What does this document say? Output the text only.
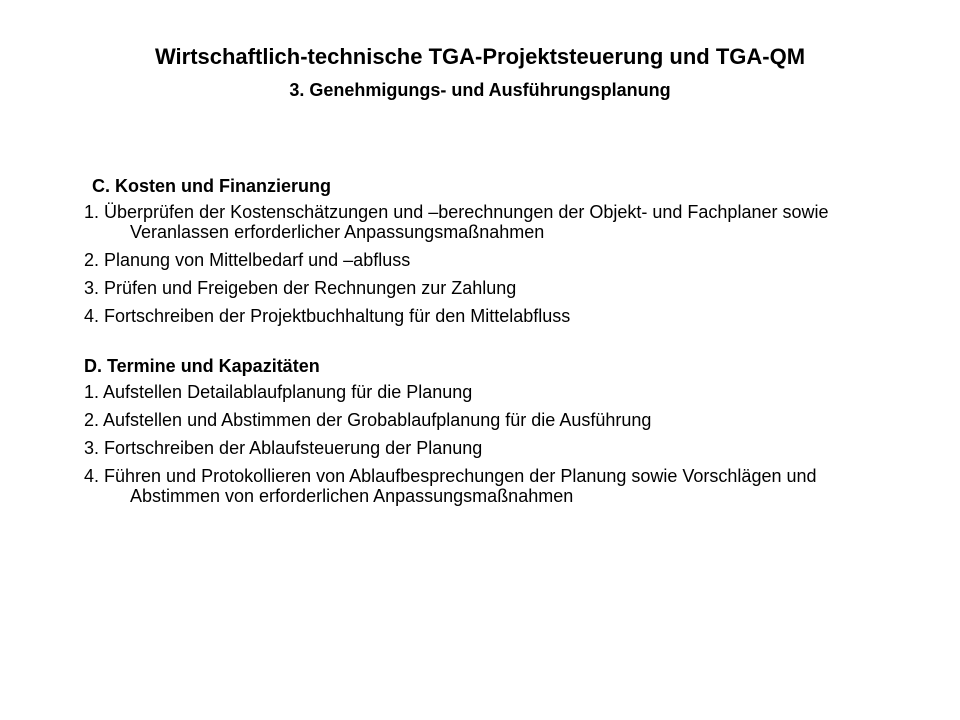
Wirtschaftlich-technische TGA-Projektsteuerung und TGA-QM
3. Genehmigungs- und Ausführungsplanung

C. Kosten und Finanzierung

1. Überprüfen der Kostenschätzungen und –berechnungen der Objekt- und Fachplaner sowie Veranlassen erforderlicher Anpassungsmaßnahmen

2. Planung von Mittelbedarf und –abfluss

3. Prüfen und Freigeben der Rechnungen zur Zahlung

4. Fortschreiben der Projektbuchhaltung für den Mittelabfluss

D. Termine und Kapazitäten

1. Aufstellen Detailablaufplanung für die Planung

2. Aufstellen und Abstimmen der Grobablaufplanung für die Ausführung

3. Fortschreiben der Ablaufsteuerung der Planung

4. Führen und Protokollieren von Ablaufbesprechungen der Planung sowie Vorschlägen und Abstimmen von erforderlichen Anpassungsmaßnahmen
